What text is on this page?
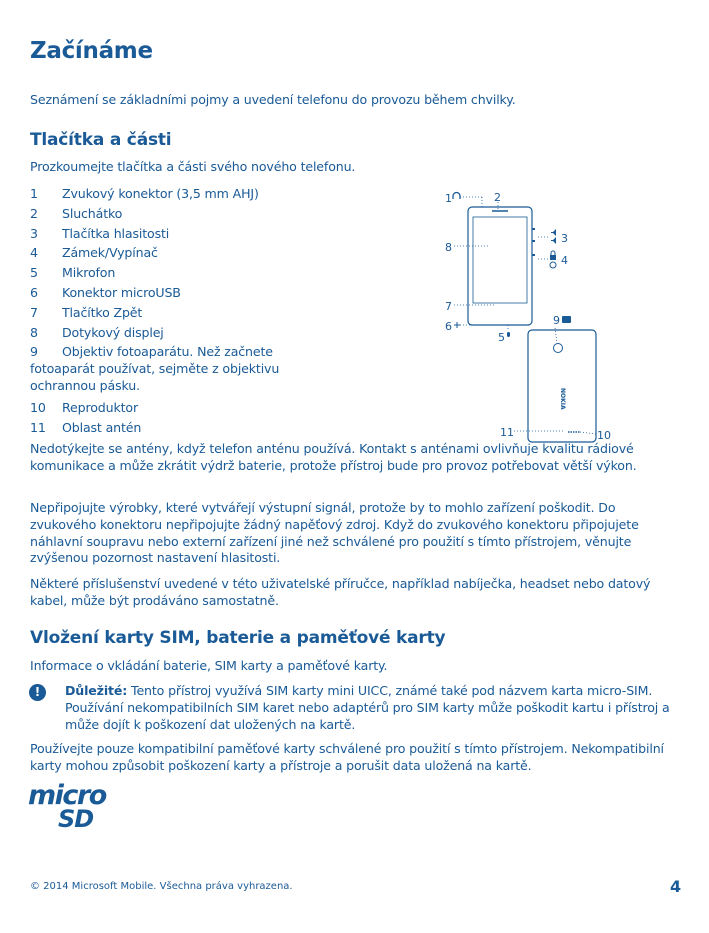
Začínáme

Seznámení se základními pojmy a uvedení telefonu do provozu během chvilky.

Tlačítka a části

Prozkoumejte tlačítka a části svého nového telefonu.

1 Zvukový konektor (3,5 mm AHJ)
2 Sluchátko
3 Tlačítka hlasitosti
4 Zámek/Vypínač
5 Mikrofon
6 Konektor microUSB
7 Tlačítko Zpět
8 Dotykový displej
9 Objektiv fotoaparátu. Než začnete fotoaparát používat, sejměte z objektivu ochrannou pásku.
10 Reproduktor
11 Oblast antén
NOKIA
1	2
3
4
5
6
7
8
9
10
11

Nedotýkejte se antény, když telefon anténu používá. Kontakt s anténami ovlivňuje kvalitu rádiové komunikace a může zkrátit výdrž baterie, protože přístroj bude pro provoz potřebovat větší výkon.

Nepřipojujte výrobky, které vytvářejí výstupní signál, protože by to mohlo zařízení poškodit. Do zvukového konektoru nepřipojujte žádný napěťový zdroj. Když do zvukového konektoru připojujete náhlavní soupravu nebo externí zařízení jiné než schválené pro použití s tímto přístrojem, věnujte zvýšenou pozornost nastavení hlasitosti.

Některé příslušenství uvedené v této uživatelské příručce, například nabíječka, headset nebo datový kabel, může být prodáváno samostatně.

Vložení karty SIM, baterie a paměťové karty

Informace o vkládání baterie, SIM karty a paměťové karty.

!	Důležité: Tento přístroj využívá SIM karty mini UICC, známé také pod názvem karta micro-SIM. Používání nekompatibilních SIM karet nebo adaptérů pro SIM karty může poškodit kartu i přístroj a může dojít k poškození dat uložených na kartě.

Používejte pouze kompatibilní paměťové karty schválené pro použití s tímto přístrojem. Nekompatibilní karty mohou způsobit poškození karty a přístroje a porušit data uložená na kartě.

micro
SD
© 2014 Microsoft Mobile. Všechna práva vyhrazena.	4
